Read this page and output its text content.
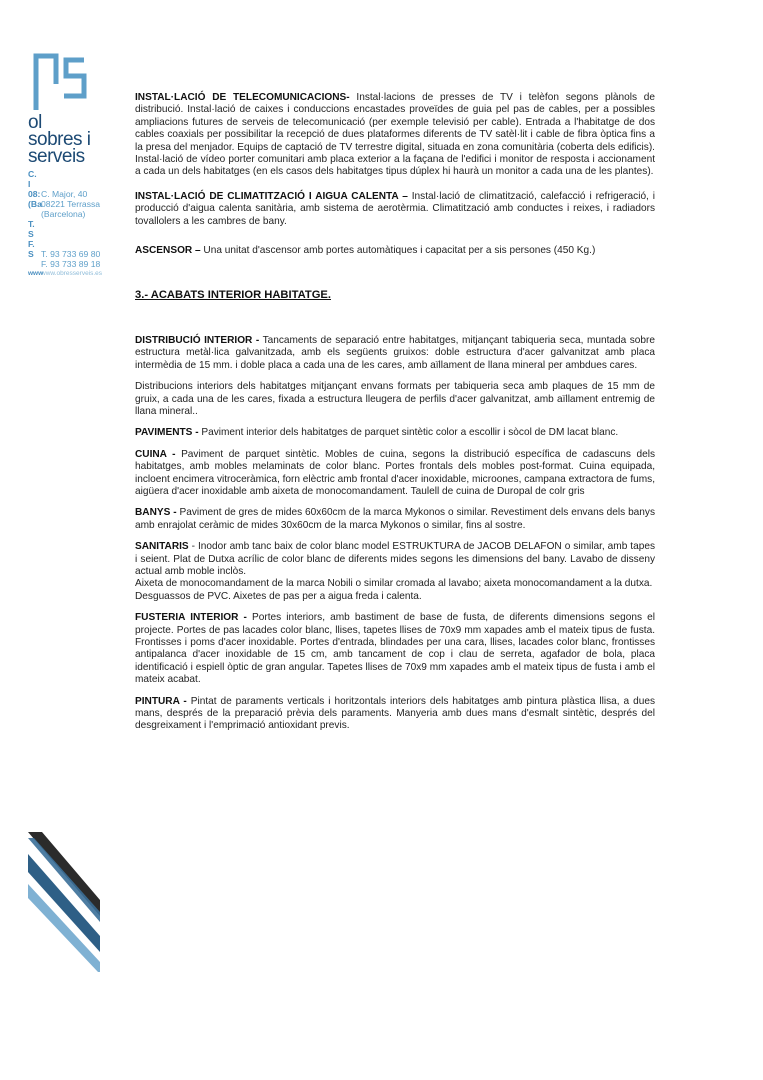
ol
sobres i
serveis
C. I
08:C. Major, 40
(Ba08221 Terrassa
(Barcelona)
T. S
F. S T. 93 733 69 80
F. 93 733 89 18
wwwwww.obresserveis.es

INSTAL·LACIÓ DE TELECOMUNICACIONS- Instal·lacions de presses de TV i telèfon segons plànols de distribució. Instal·lació de caixes i conduccions encastades proveïdes de guia pel pas de cables, per a possibles ampliacions futures de serveis de telecomunicació (per exemple televisió per cable). Entrada a l'habitatge de dos cables coaxials per possibilitar la recepció de dues plataformes diferents de TV satèl·lit i cable de fibra òptica fins a la presa del menjador. Equips de captació de TV terrestre digital, situada en zona comunitària (coberta dels edificis). Instal·lació de vídeo porter comunitari amb placa exterior a la façana de l'edifici i monitor de resposta i accionament a cada un dels habitatges (en els casos dels habitatges tipus dúplex hi haurà un monitor a cada una de les plantes).

INSTAL·LACIÓ DE CLIMATITZACIÓ I AIGUA CALENTA – Instal·lació de climatització, calefacció i refrigeració, i producció d'aigua calenta sanitària, amb sistema de aerotèrmia. Climatització amb conductes i reixes, i radiadors tovallolers a les cambres de bany.

ASCENSOR – Una unitat d'ascensor amb portes automàtiques i capacitat per a sis persones (450 Kg.)

3.- ACABATS INTERIOR HABITATGE.

DISTRIBUCIÓ INTERIOR - Tancaments de separació entre habitatges, mitjançant tabiqueria seca, muntada sobre estructura metàl·lica galvanitzada, amb els següents gruixos: doble estructura d'acer galvanitzat amb placa intermèdia de 15 mm. i doble placa a cada una de les cares, amb aïllament de llana mineral per ambdues cares.

Distribucions interiors dels habitatges mitjançant envans formats per tabiqueria seca amb plaques de 15 mm de gruix, a cada una de les cares, fixada a estructura lleugera de perfils d'acer galvanitzat, amb aïllament entremig de llana mineral..

PAVIMENTS - Paviment interior dels habitatges de parquet sintètic color a escollir i sòcol de DM lacat blanc.

CUINA - Paviment de parquet sintètic. Mobles de cuina, segons la distribució específica de cadascuns dels habitatges, amb mobles melaminats de color blanc. Portes frontals dels mobles post-format. Cuina equipada, incloent encimera vitroceràmica, forn elèctric amb frontal d'acer inoxidable, microones, campana extractora de fums, aigüera d'acer inoxidable amb aixeta de monocomandament. Taulell de cuina de Duropal de colr gris

BANYS - Paviment de gres de mides 60x60cm de la marca Mykonos o similar. Revestiment dels envans dels banys amb enrajolat ceràmic de mides 30x60cm de la marca Mykonos o similar, fins al sostre.

SANITARIS - Inodor amb tanc baix de color blanc model ESTRUKTURA de JACOB DELAFON o similar, amb tapes i seient. Plat de Dutxa acrílic de color blanc de diferents mides segons les dimensions del bany. Lavabo de disseny actual amb moble inclòs.

Aixeta de monocomandament de la marca Nobili o similar cromada al lavabo; aixeta monocomandament a la dutxa.

Desguassos de PVC. Aixetes de pas per a aigua freda i calenta.

FUSTERIA INTERIOR - Portes interiors, amb bastiment de base de fusta, de diferents dimensions segons el projecte. Portes de pas lacades color blanc, llises, tapetes llises de 70x9 mm xapades amb el mateix tipus de fusta. Frontisses i poms d'acer inoxidable. Portes d'entrada, blindades per una cara, llises, lacades color blanc, frontisses antipalanca d'acer inoxidable de 15 cm, amb tancament de cop i clau de serreta, agafador de bola, placa identificació i espiell òptic de gran angular. Tapetes llises de 70x9 mm xapades amb el mateix tipus de fusta i amb el mateix acabat.

PINTURA - Pintat de paraments verticals i horitzontals interiors dels habitatges amb pintura plàstica llisa, a dues mans, després de la preparació prèvia dels paraments. Manyeria amb dues mans d'esmalt sintètic, després del desgreixament i l'emprimació antioxidant previs.
